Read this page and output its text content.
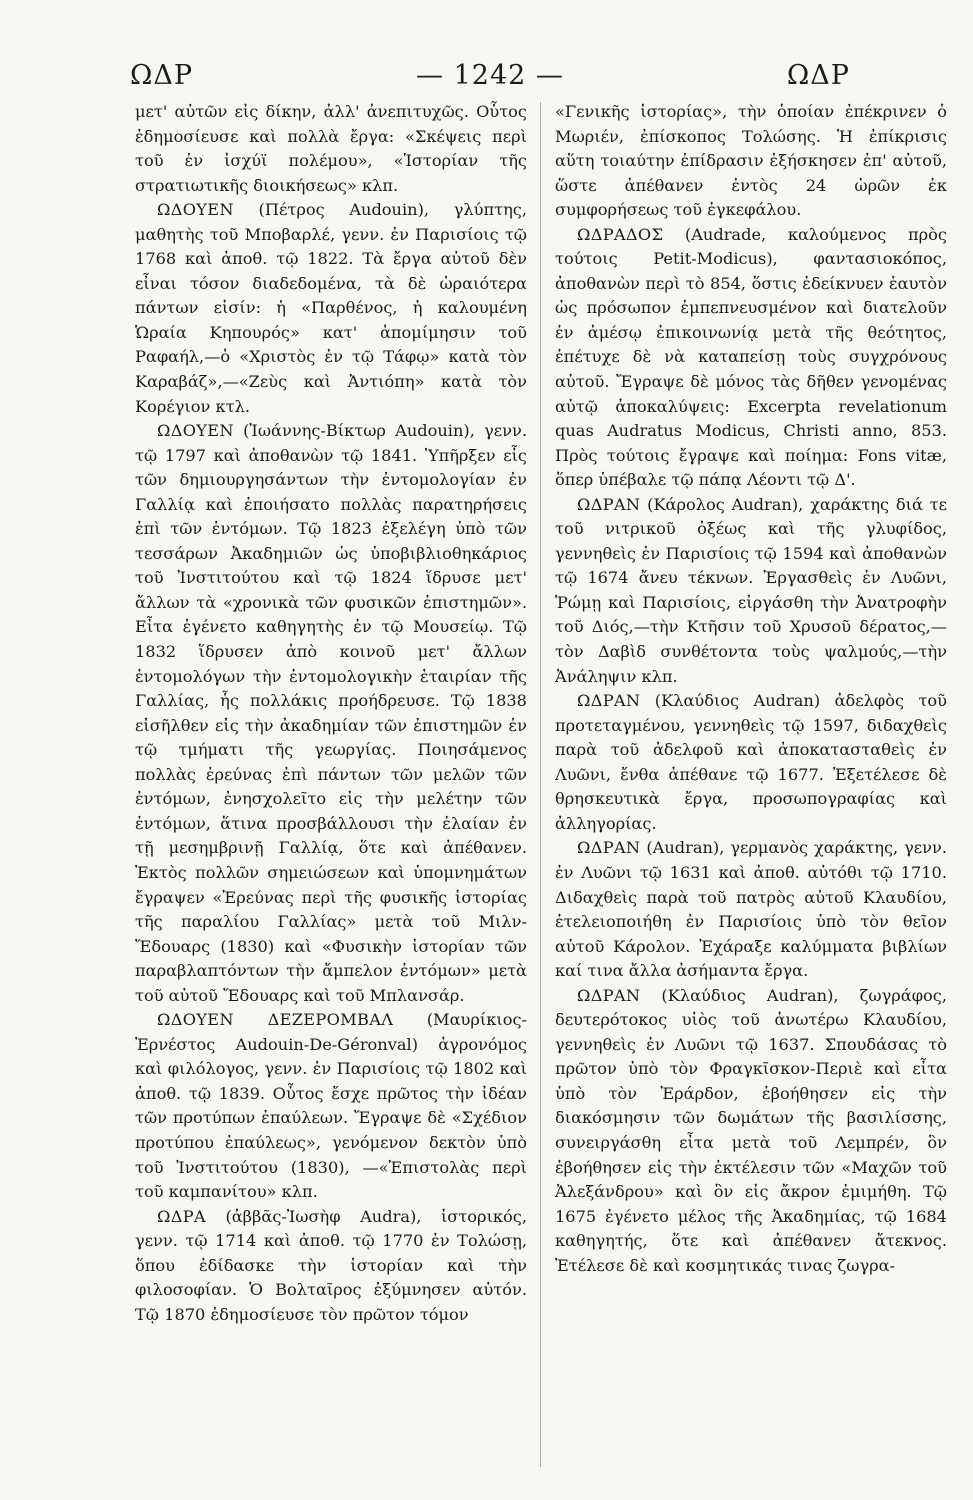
ΩΔΡ	— 1242 —	ΩΔΡ

μετ' αὐτῶν εἰς δίκην, ἀλλ' ἀνεπιτυχῶς. Οὗτος ἐδημοσίευσε καὶ πολλὰ ἔργα: «Σκέψεις περὶ τοῦ ἐν ἰσχύϊ πολέμου», «Ἱστορίαν τῆς στρατιωτικῆς διοικήσεως» κλπ.

ΩΔΟΥΕΝ (Πέτρος Audouin), γλύπτης, μαθητὴς τοῦ Μποβαρλέ, γενν. ἐν Παρισίοις τῷ 1768 καὶ ἀποθ. τῷ 1822. Τὰ ἔργα αὐτοῦ δὲν εἶναι τόσον διαδεδομένα, τὰ δὲ ὡραιότερα πάντων εἰσίν: ἡ «Παρθένος, ἡ καλουμένη Ὡραία Κηπουρός» κατ' ἀπομίμησιν τοῦ Ραφαήλ,—ὁ «Χριστὸς ἐν τῷ Τάφῳ» κατὰ τὸν Καραβάζ»,—«Ζεὺς καὶ Ἀντιόπη» κατὰ τὸν Κορέγιον κτλ.

ΩΔΟΥΕΝ (Ἰωάννης-Βίκτωρ Audouin), γενν. τῷ 1797 καὶ ἀποθανὼν τῷ 1841. Ὑπῆρξεν εἷς τῶν δημιουργησάντων τὴν ἐντομολογίαν ἐν Γαλλίᾳ καὶ ἐποιήσατο πολλὰς παρατηρήσεις ἐπὶ τῶν ἐντόμων. Τῷ 1823 ἐξελέγη ὑπὸ τῶν τεσσάρων Ἀκαδημιῶν ὡς ὑποβιβλιοθηκάριος τοῦ Ἰνστιτούτου καὶ τῷ 1824 ἵδρυσε μετ' ἄλλων τὰ «χρονικὰ τῶν φυσικῶν ἐπιστημῶν». Εἶτα ἐγένετο καθηγητὴς ἐν τῷ Μουσείῳ. Τῷ 1832 ἵδρυσεν ἀπὸ κοινοῦ μετ' ἄλλων ἐντομολόγων τὴν ἐντομολογικὴν ἑταιρίαν τῆς Γαλλίας, ἧς πολλάκις προήδρευσε. Τῷ 1838 εἰσῆλθεν εἰς τὴν ἀκαδημίαν τῶν ἐπιστημῶν ἐν τῷ τμήματι τῆς γεωργίας. Ποιησάμενος πολλὰς ἐρεύνας ἐπὶ πάντων τῶν μελῶν τῶν ἐντόμων, ἐνησχολεῖτο εἰς τὴν μελέτην τῶν ἐντόμων, ἅτινα προσβάλλουσι τὴν ἐλαίαν ἐν τῇ μεσημβρινῇ Γαλλίᾳ, ὅτε καὶ ἀπέθανεν. Ἐκτὸς πολλῶν σημειώσεων καὶ ὑπομνημάτων ἔγραψεν «Ἐρεύνας περὶ τῆς φυσικῆς ἱστορίας τῆς παραλίου Γαλλίας» μετὰ τοῦ Μιλν-Ἔδουαρς (1830) καὶ «Φυσικὴν ἱστορίαν τῶν παραβλαπτόντων τὴν ἄμπελον ἐντόμων» μετὰ τοῦ αὐτοῦ Ἔδουαρς καὶ τοῦ Μπλανσάρ.

ΩΔΟΥΕΝ ΔΕΖΕΡΟΜΒΑΛ (Μαυρίκιος-Ἐρνέστος Audouin-De-Géronval) ἀγρονόμος καὶ φιλόλογος, γενν. ἐν Παρισίοις τῷ 1802 καὶ ἀποθ. τῷ 1839. Οὗτος ἔσχε πρῶτος τὴν ἰδέαν τῶν προτύπων ἐπαύλεων. Ἔγραψε δὲ «Σχέδιον προτύπου ἐπαύλεως», γενόμενον δεκτὸν ὑπὸ τοῦ Ἰνστιτούτου (1830), —«Ἐπιστολὰς περὶ τοῦ καμπανίτου» κλπ.

ΩΔΡΑ (ἀββᾶς-Ἰωσὴφ Audra), ἱστορικός, γενν. τῷ 1714 καὶ ἀποθ. τῷ 1770 ἐν Τολώσῃ, ὅπου ἐδίδασκε τὴν ἱστορίαν καὶ τὴν φιλοσοφίαν. Ὁ Βολταῖρος ἐξύμνησεν αὐτόν. Τῷ 1870 ἐδημοσίευσε τὸν πρῶτον τόμον

«Γενικῆς ἱστορίας», τὴν ὁποίαν ἐπέκρινεν ὁ Μωριέν, ἐπίσκοπος Τολώσης. Ἡ ἐπίκρισις αὕτη τοιαύτην ἐπίδρασιν ἐξήσκησεν ἐπ' αὐτοῦ, ὥστε ἀπέθανεν ἐντὸς 24 ὡρῶν ἐκ συμφορήσεως τοῦ ἐγκεφάλου.

ΩΔΡΑΔΟΣ (Audrade, καλούμενος πρὸς τούτοις Petit-Modicus), φαντασιοκόπος, ἀποθανὼν περὶ τὸ 854, ὅστις ἐδείκνυεν ἑαυτὸν ὡς πρόσωπον ἐμπεπνευσμένον καὶ διατελοῦν ἐν ἀμέσῳ ἐπικοινωνίᾳ μετὰ τῆς θεότητος, ἐπέτυχε δὲ νὰ καταπείσῃ τοὺς συγχρόνους αὐτοῦ. Ἔγραψε δὲ μόνος τὰς δῆθεν γενομένας αὐτῷ ἀποκαλύψεις: Excerpta revelationum quas Audratus Modicus, Christi anno, 853. Πρὸς τούτοις ἔγραψε καὶ ποίημα: Fons vitæ, ὅπερ ὑπέβαλε τῷ πάπᾳ Λέοντι τῷ Δ'.

ΩΔΡΑΝ (Κάρολος Audran), χαράκτης διά τε τοῦ νιτρικοῦ ὀξέως καὶ τῆς γλυφίδος, γεννηθεὶς ἐν Παρισίοις τῷ 1594 καὶ ἀποθανὼν τῷ 1674 ἄνευ τέκνων. Ἐργασθεὶς ἐν Λυῶνι, Ῥώμῃ καὶ Παρισίοις, εἰργάσθη τὴν Ἀνατροφὴν τοῦ Διός,—τὴν Κτῆσιν τοῦ Χρυσοῦ δέρατος,—τὸν Δαβὶδ συνθέτοντα τοὺς ψαλμούς,—τὴν Ἀνάληψιν κλπ.

ΩΔΡΑΝ (Κλαύδιος Audran) ἀδελφὸς τοῦ προτεταγμένου, γεννηθεὶς τῷ 1597, διδαχθεὶς παρὰ τοῦ ἀδελφοῦ καὶ ἀποκατασταθεὶς ἐν Λυῶνι, ἔνθα ἀπέθανε τῷ 1677. Ἐξετέλεσε δὲ θρησκευτικὰ ἔργα, προσωπογραφίας καὶ ἀλληγορίας.

ΩΔΡΑΝ (Audran), γερμανὸς χαράκτης, γενν. ἐν Λυῶνι τῷ 1631 καὶ ἀποθ. αὐτόθι τῷ 1710. Διδαχθεὶς παρὰ τοῦ πατρὸς αὐτοῦ Κλαυδίου, ἐτελειοποιήθη ἐν Παρισίοις ὑπὸ τὸν θεῖον αὐτοῦ Κάρολον. Ἐχάραξε καλύμματα βιβλίων καί τινα ἄλλα ἀσήμαντα ἔργα.

ΩΔΡΑΝ (Κλαύδιος Audran), ζωγράφος, δευτερότοκος υἱὸς τοῦ ἀνωτέρω Κλαυδίου, γεννηθεὶς ἐν Λυῶνι τῷ 1637. Σπουδάσας τὸ πρῶτον ὑπὸ τὸν Φραγκῖσκον-Περιὲ καὶ εἶτα ὑπὸ τὸν Ἐράρδον, ἐβοήθησεν εἰς τὴν διακόσμησιν τῶν δωμάτων τῆς βασιλίσσης, συνειργάσθη εἶτα μετὰ τοῦ Λεμπρέν, ὃν ἐβοήθησεν εἰς τὴν ἐκτέλεσιν τῶν «Μαχῶν τοῦ Ἀλεξάνδρου» καὶ ὃν εἰς ἄκρον ἐμιμήθη. Τῷ 1675 ἐγένετο μέλος τῆς Ἀκαδημίας, τῷ 1684 καθηγητής, ὅτε καὶ ἀπέθανεν ἄτεκνος. Ἐτέλεσε δὲ καὶ κοσμητικάς τινας ζωγρα-
